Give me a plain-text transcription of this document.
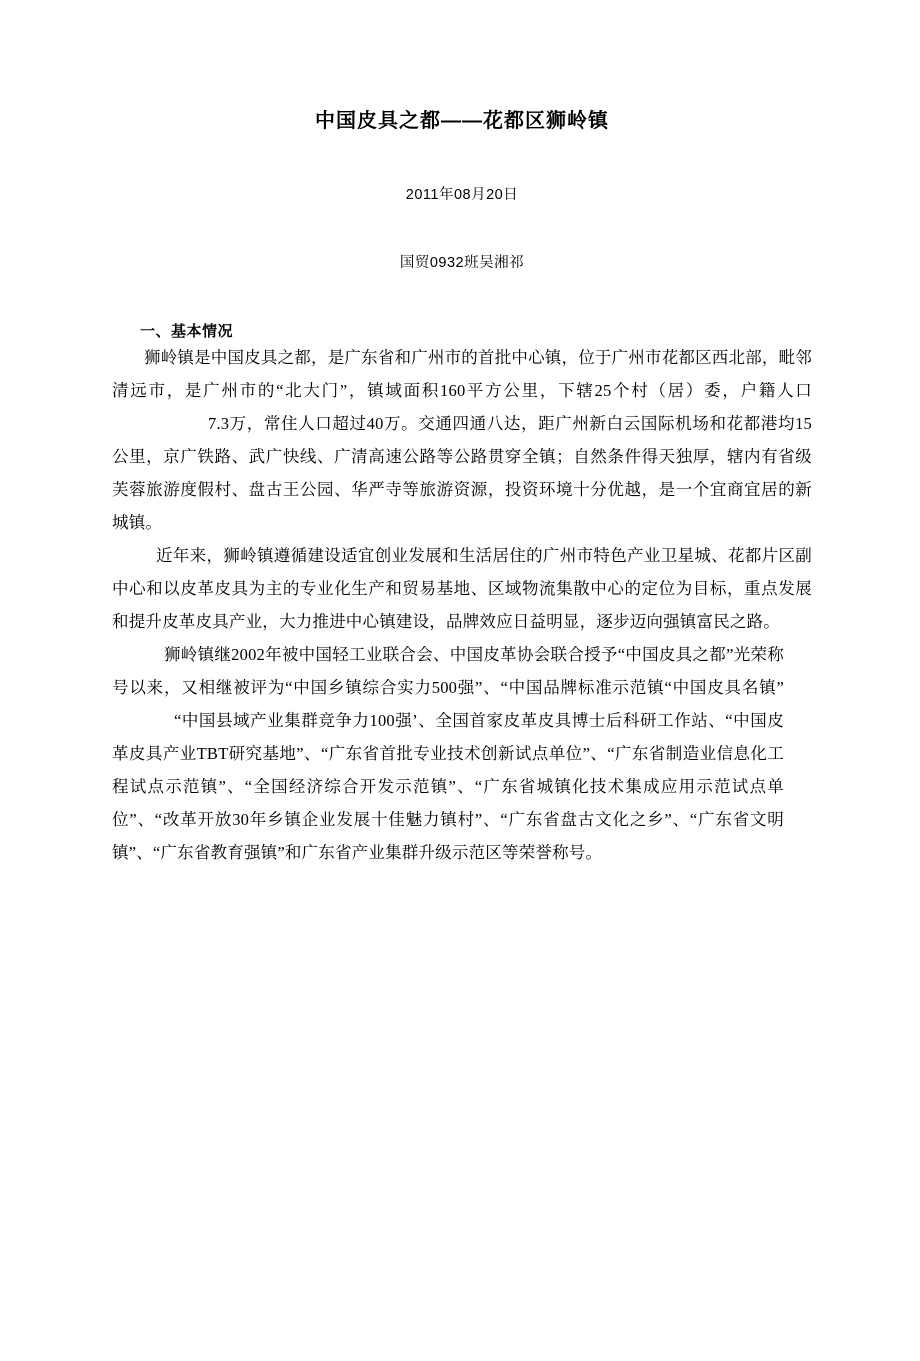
中国皮具之都——花都区狮岭镇
2011年08月20日
国贸0932班吴湘祁
一、基本情况

狮岭镇是中国皮具之都，是广东省和广州市的首批中心镇，位于广州市花都区西北部，毗邻清远市，是广州市的“北大门”，镇域面积160平方公里，下辖25个村（居）委，户籍人口7.3万，常住人口超过40万。交通四通八达，距广州新白云国际机场和花都港均15公里，京广铁路、武广快线、广清高速公路等公路贯穿全镇；自然条件得天独厚，辖内有省级芙蓉旅游度假村、盘古王公园、华严寺等旅游资源，投资环境十分优越，是一个宜商宜居的新城镇。

近年来，狮岭镇遵循建设适宜创业发展和生活居住的广州市特色产业卫星城、花都片区副中心和以皮革皮具为主的专业化生产和贸易基地、区域物流集散中心的定位为目标，重点发展和提升皮革皮具产业，大力推进中心镇建设，品牌效应日益明显，逐步迈向强镇富民之路。

狮岭镇继2002年被中国轻工业联合会、中国皮革协会联合授予“中国皮具之都”光荣称号以来，又相继被评为“中国乡镇综合实力500强”、“中国品牌标准示范镇“中国皮具名镇”“中国县域产业集群竞争力100强’、全国首家皮革皮具博士后科研工作站、“中国皮革皮具产业TBT研究基地”、“广东省首批专业技术创新试点单位”、“广东省制造业信息化工程试点示范镇”、“全国经济综合开发示范镇”、“广东省城镇化技术集成应用示范试点单位”、“改革开放30年乡镇企业发展十佳魅力镇村”、“广东省盘古文化之乡”、“广东省文明镇”、“广东省教育强镇”和广东省产业集群升级示范区等荣誉称号。
